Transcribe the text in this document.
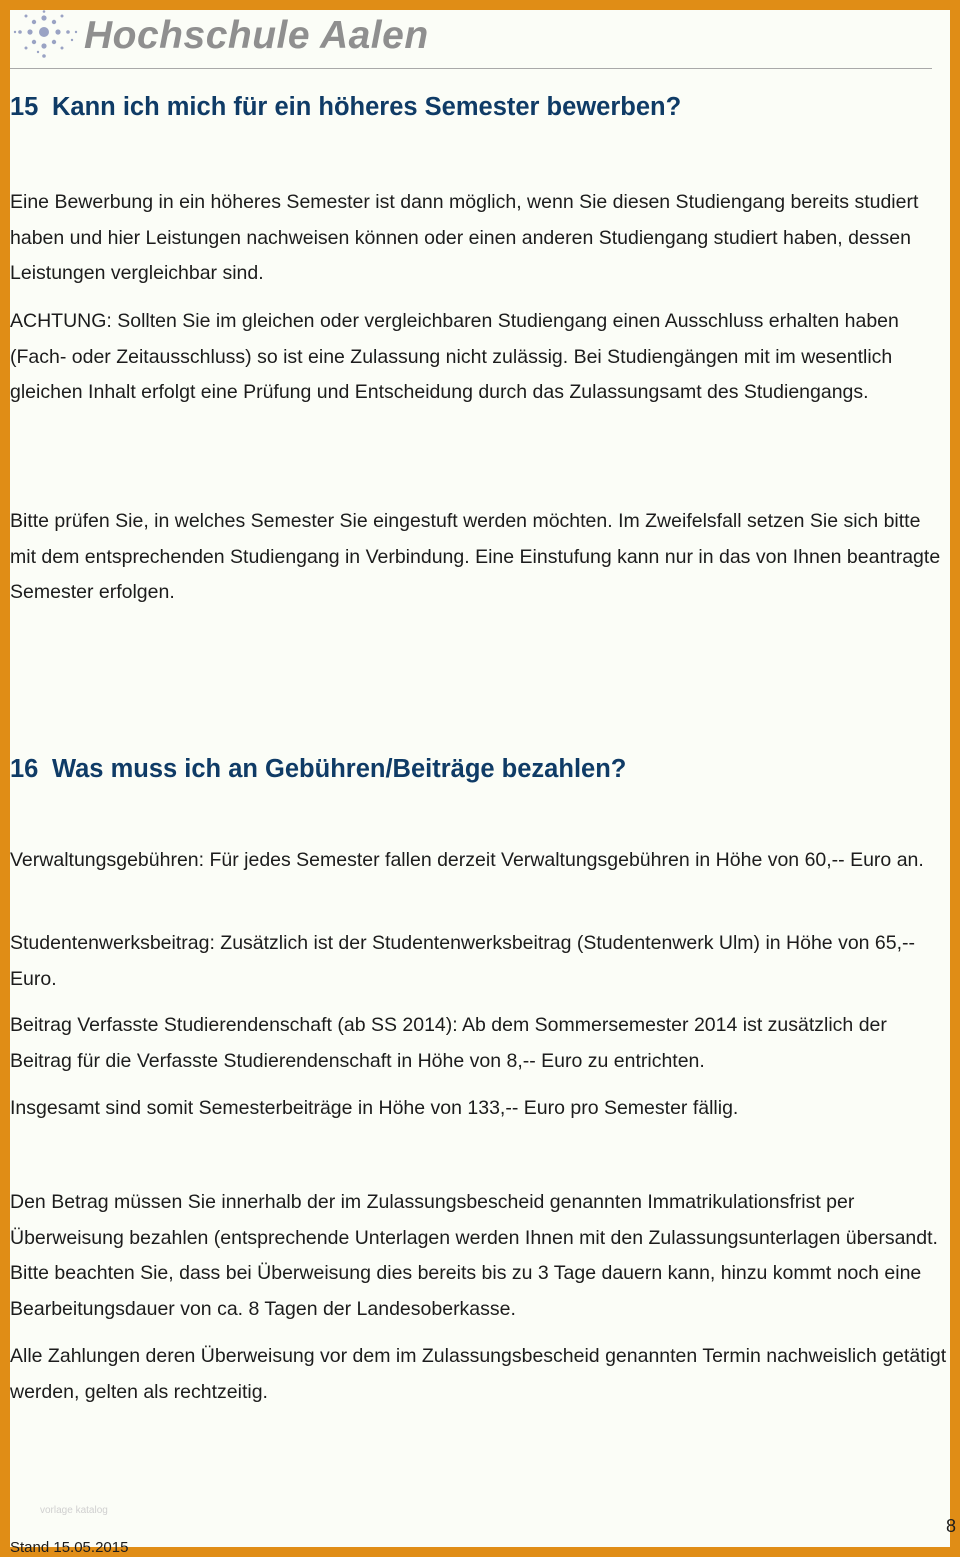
Hochschule Aalen
15 Kann ich mich für ein höheres Semester bewerben?

Eine Bewerbung in ein höheres Semester ist dann möglich, wenn Sie diesen Studiengang bereits studiert haben und hier Leistungen nachweisen können oder einen anderen Studiengang studiert haben, dessen Leistungen vergleichbar sind.

ACHTUNG: Sollten Sie im gleichen oder vergleichbaren Studiengang einen Ausschluss erhalten haben (Fach- oder Zeitausschluss) so ist eine Zulassung nicht zulässig. Bei Studiengängen mit im wesentlich gleichen Inhalt erfolgt eine Prüfung und Entscheidung durch das Zulassungsamt des Studiengangs.

Bitte prüfen Sie, in welches Semester Sie eingestuft werden möchten. Im Zweifelsfall setzen Sie sich bitte mit dem entsprechenden Studiengang in Verbindung. Eine Einstufung kann nur in das von Ihnen beantragte Semester erfolgen.

16 Was muss ich an Gebühren/Beiträge bezahlen?

Verwaltungsgebühren: Für jedes Semester fallen derzeit Verwaltungsgebühren in Höhe von 60,-- Euro an.

Studentenwerksbeitrag: Zusätzlich ist der Studentenwerksbeitrag (Studentenwerk Ulm) in Höhe von 65,-- Euro.

Beitrag Verfasste Studierendenschaft (ab SS 2014): Ab dem Sommersemester 2014 ist zusätzlich der Beitrag für die Verfasste Studierendenschaft in Höhe von 8,-- Euro zu entrichten.

Insgesamt sind somit Semesterbeiträge in Höhe von 133,-- Euro pro Semester fällig.

Den Betrag müssen Sie innerhalb der im Zulassungsbescheid genannten Immatrikulationsfrist per Überweisung bezahlen (entsprechende Unterlagen werden Ihnen mit den Zulassungsunterlagen übersandt. Bitte beachten Sie, dass bei Überweisung dies bereits bis zu 3 Tage dauern kann, hinzu kommt noch eine Bearbeitungsdauer von ca. 8 Tagen der Landesoberkasse.

Alle Zahlungen deren Überweisung vor dem im Zulassungsbescheid genannten Termin nachweislich getätigt werden, gelten als rechtzeitig.

vorlage katalog
8
Stand 15.05.2015
